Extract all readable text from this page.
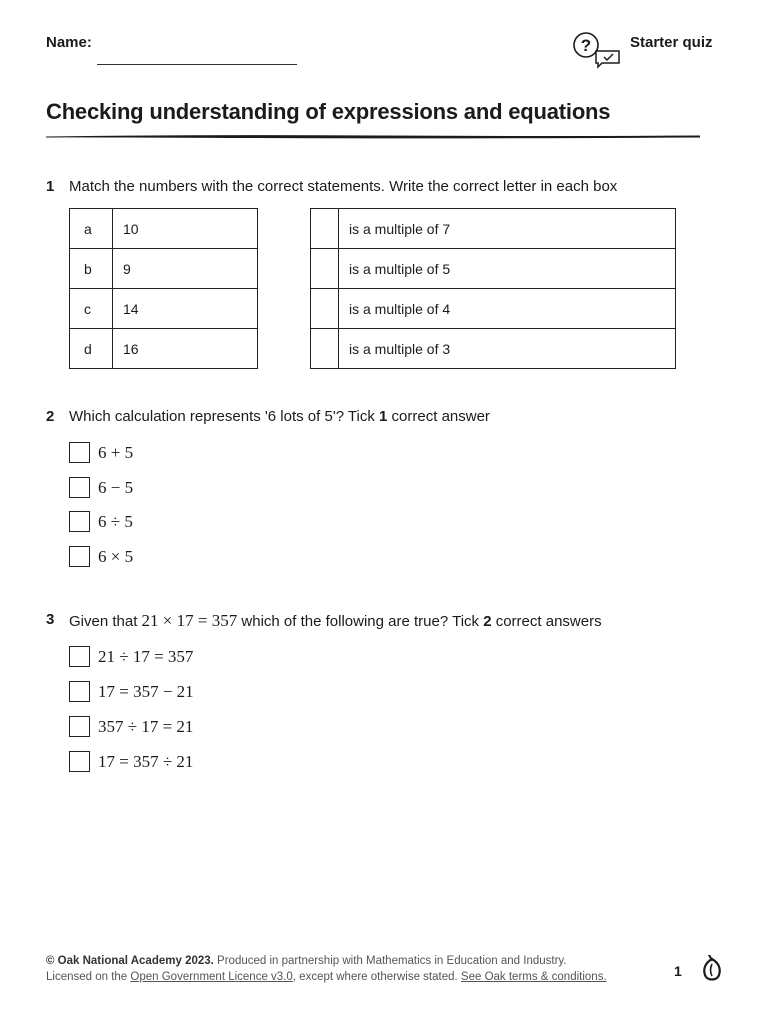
Name:	?	Starter quiz
Checking understanding of expressions and equations
1 Match the numbers with the correct statements. Write the correct letter in each box
a	10
b	9
c	14
d	16
	is a multiple of 7
	is a multiple of 5
	is a multiple of 4
	is a multiple of 3
2 Which calculation represents '6 lots of 5'? Tick 1 correct answer
6 + 5
6 − 5
6 ÷ 5
6 × 5
3 Given that 21 × 17 = 357 which of the following are true? Tick 2 correct answers
21 ÷ 17 = 357
17 = 357 − 21
357 ÷ 17 = 21
17 = 357 ÷ 21
© Oak National Academy 2023. Produced in partnership with Mathematics in Education and Industry.
Licensed on the Open Government Licence v3.0, except where otherwise stated. See Oak terms & conditions.	1
